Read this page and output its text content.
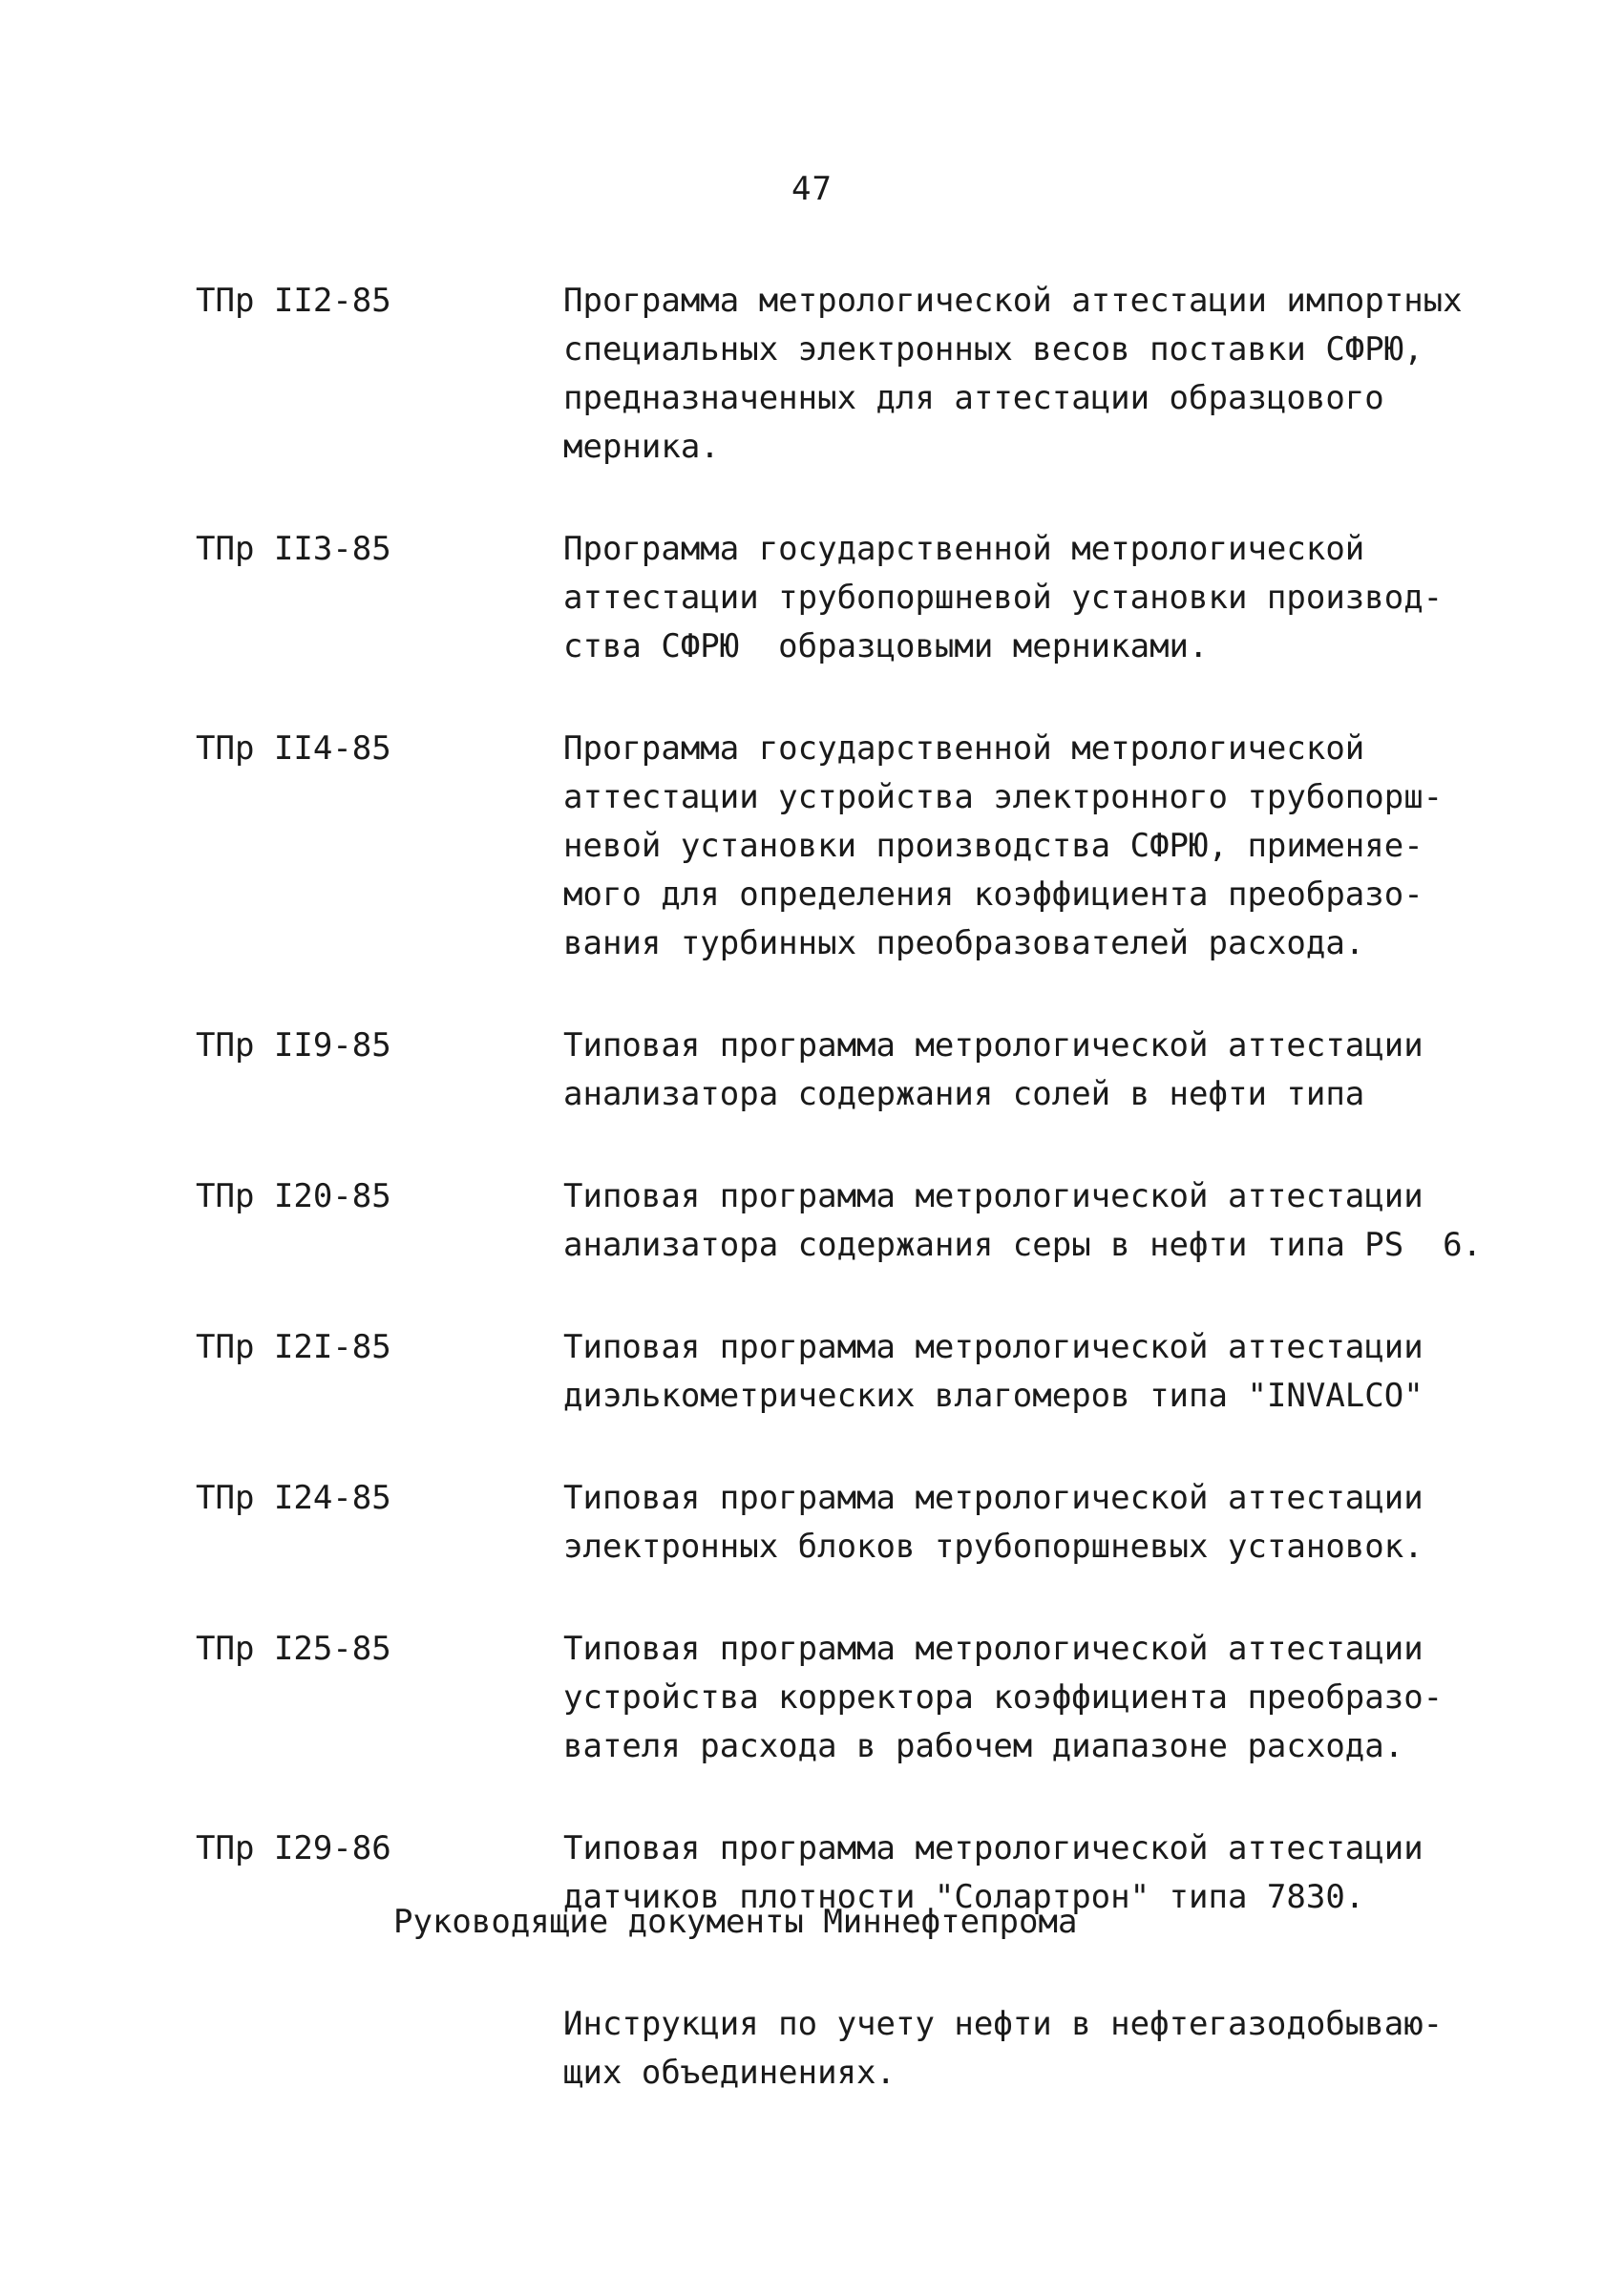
47
ТПр II2-85	Программа метрологической аттестации импортных
специальных электронных весов поставки СФРЮ,
предназначенных для аттестации образцового
мерника.
ТПр II3-85	Программа государственной метрологической
аттестации трубопоршневой установки производ-
ства СФРЮ  образцовыми мерниками.
ТПр II4-85	Программа государственной метрологической
аттестации устройства электронного трубопорш-
невой установки производства СФРЮ, применяе-
мого для определения коэффициента преобразо-
вания турбинных преобразователей расхода.
ТПр II9-85	Типовая программа метрологической аттестации
анализатора содержания солей в нефти типа
ТПр I20-85	Типовая программа метрологической аттестации
анализатора содержания серы в нефти типа PS  6.
ТПр I2I-85	Типовая программа метрологической аттестации
диэлькометрических влагомеров типа "INVALCO"
ТПр I24-85	Типовая программа метрологической аттестации
электронных блоков трубопоршневых установок.
ТПр I25-85	Типовая программа метрологической аттестации
устройства корректора коэффициента преобразо-
вателя расхода в рабочем диапазоне расхода.
ТПр I29-86	Типовая программа метрологической аттестации
датчиков плотности "Солартрон" типа 7830.
Руководящие документы Миннефтепрома
Инструкция по учету нефти в нефтегазодобываю-
щих объединениях.
